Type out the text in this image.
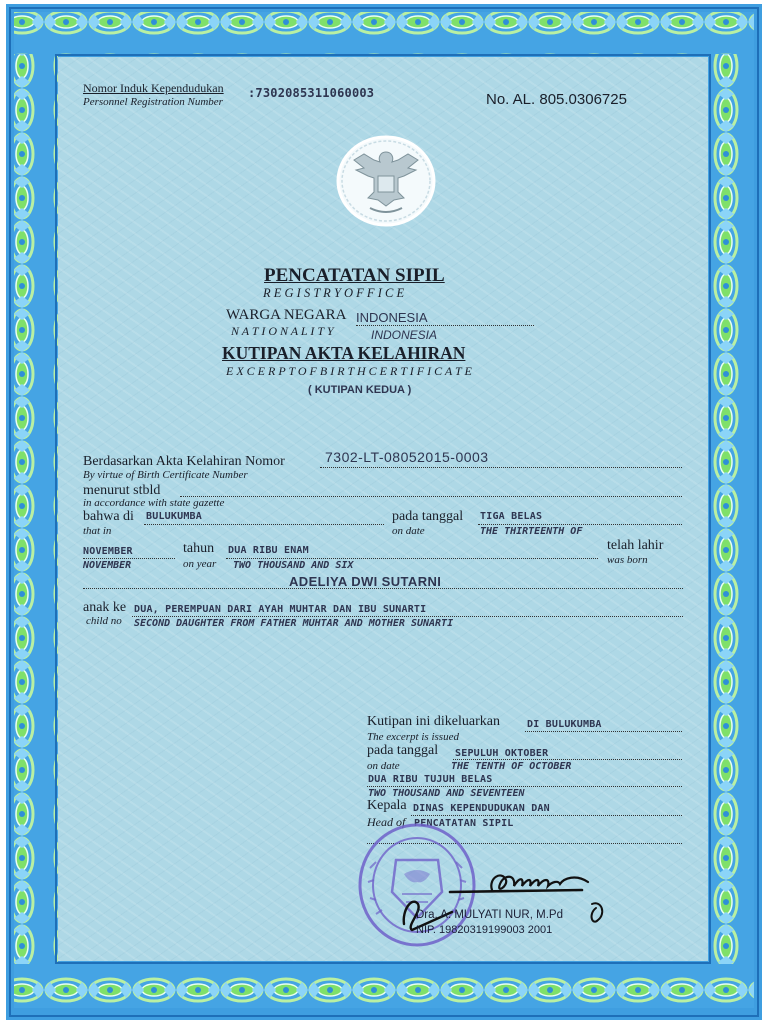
Nomor Induk Kependudukan
Personnel Registration Number
:7302085311060003	No. AL. 805.0306725
PENCATATAN SIPIL
R E G I S T R Y O F F I C E
WARGA NEGARA INDONESIA
N A T I O N A L I T Y	INDONESIA
KUTIPAN AKTA KELAHIRAN
E X C E R P T O F B I R T H C E R T I F I C A T E
( KUTIPAN KEDUA )
Berdasarkan Akta Kelahiran Nomor	7302-LT-08052015-0003
By virtue of Birth Certificate Number
menurut stbld
in accordance with state gazette
bahwa di BULUKUMBA
that in
pada tanggal TIGA BELAS
on date	THE THIRTEENTH OF
NOVEMBER
NOVEMBER
tahun DUA RIBU ENAM
on year TWO THOUSAND AND SIX
telah lahir
was born
ADELIYA DWI SUTARNI
anak ke DUA, PEREMPUAN DARI AYAH MUHTAR DAN IBU SUNARTI
child no SECOND DAUGHTER FROM FATHER MUHTAR AND MOTHER SUNARTI
Kutipan ini dikeluarkan	DI BULUKUMBA
The excerpt is issued
pada tanggal SEPULUH OKTOBER
on date	THE TENTH OF OCTOBER
DUA RIBU TUJUH BELAS
TWO THOUSAND AND SEVENTEEN
Kepala DINAS KEPENDUDUKAN DAN
Head of PENCATATAN SIPIL
Dra. A. MULYATI NUR, M.Pd
NIP. 19820319199003 2001
